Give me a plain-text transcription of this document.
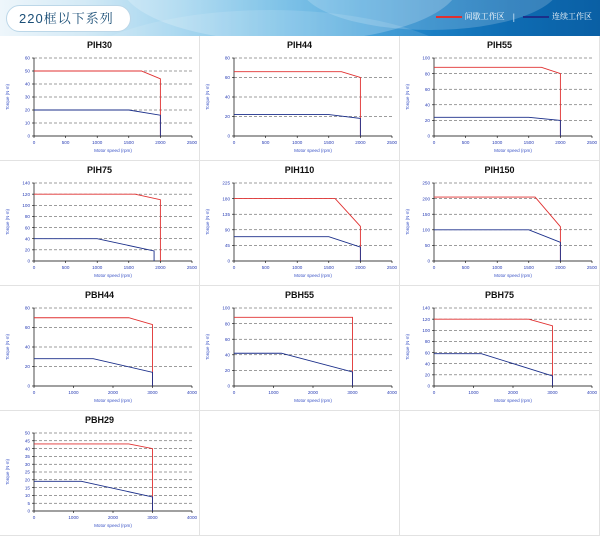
220框以下系列	间歇工作区 |	连续工作区
PIH30
0
10
20
30
40
50
60
0	500	1000	1500	2000	2500
Motor speed (rpm)
Torque (N·m)
PIH44
0
20
40
60
80
0	500	1000	1500	2000	2500
Motor speed (rpm)
Torque (N·m)
PIH55
0
20
40
60
80
100
0	500	1000	1500	2000	2500
Motor speed (rpm)
Torque (N·m)
PIH75
0
20
40
60
80
100
120
140
0	500	1000	1500	2000	2500
Motor speed (rpm)
Torque (N·m)
PIH110
0
45
90
135
180
225
0	500	1000	1500	2000	2500
Motor speed (rpm)
Torque (N·m)
PIH150
0
50
100
150
200
250
0	500	1000	1500	2000	2500
Motor speed (rpm)
Torque (N·m)
PBH44
0
20
40
60
80
0	1000	2000	3000	4000
Motor speed (rpm)
Torque (N·m)
PBH55
0
20
40
60
80
100
0	1000	2000	3000	4000
Motor speed (rpm)
Torque (N·m)
PBH75
0
20
40
60
80
100
120
140
0	1000	2000	3000	4000
Motor speed (rpm)
Torque (N·m)
PBH29
0
5
10
15
20
25
30
35
40
45
50
0	1000	2000	3000	4000
Motor speed (rpm)
Torque (N·m)
